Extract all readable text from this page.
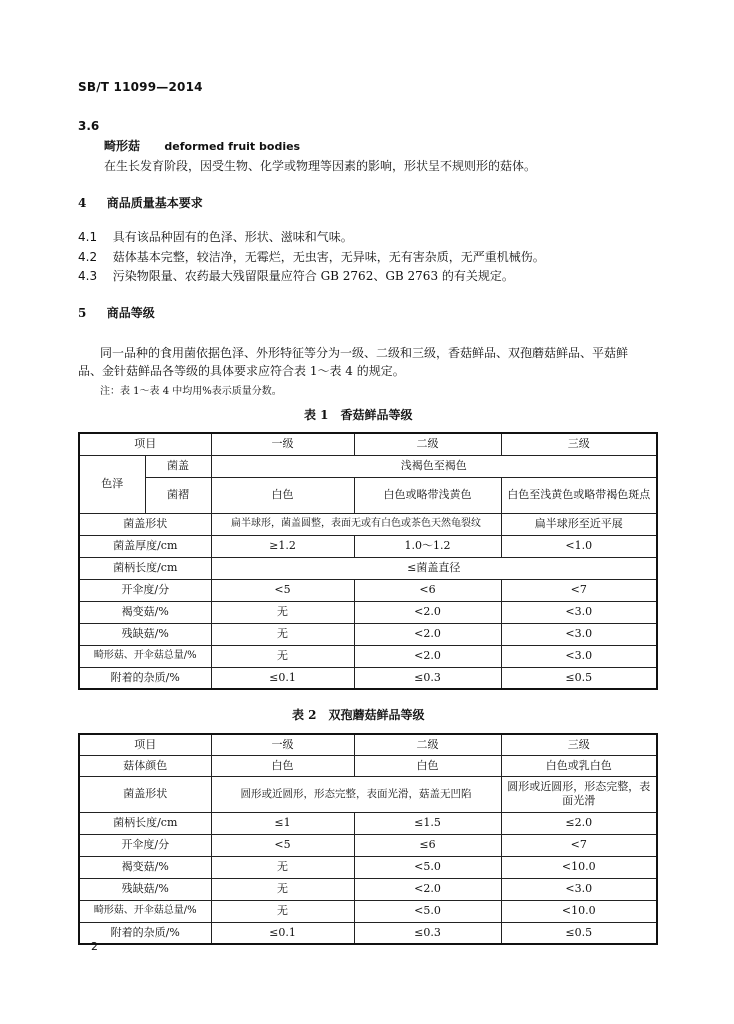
SB/T 11099—2014
3.6
畸形菇 deformed fruit bodies
在生长发育阶段，因受生物、化学或物理等因素的影响，形状呈不规则形的菇体。
4 商品质量基本要求
4.1 具有该品种固有的色泽、形状、滋味和气味。
4.2 菇体基本完整，较洁净，无霉烂，无虫害，无异味，无有害杂质，无严重机械伤。
4.3 污染物限量、农药最大残留限量应符合 GB 2762、GB 2763 的有关规定。
5 商品等级
同一品种的食用菌依据色泽、外形特征等分为一级、二级和三级，香菇鲜品、双孢蘑菇鲜品、平菇鲜
品、金针菇鲜品各等级的具体要求应符合表 1～表 4 的规定。
注：表 1～表 4 中均用%表示质量分数。
表 1　香菇鲜品等级
项目		一级	二级	三级
色泽	菌盖	浅褐色至褐色		
	菌褶	白色	白色或略带浅黄色	白色至浅黄色或略带褐色斑点
菌盖形状		扁半球形，菌盖圆整，表面无或有白色或茶色天然龟裂纹		扁半球形至近平展
菌盖厚度/cm		≥1.2	1.0～1.2	<1.0
菌柄长度/cm		≤菌盖直径		
开伞度/分		<5	<6	<7
褐变菇/%		无	<2.0	<3.0
残缺菇/%		无	<2.0	<3.0
畸形菇、开伞菇总量/%		无	<2.0	<3.0
附着的杂质/%		≤0.1	≤0.3	≤0.5
表 2　双孢蘑菇鲜品等级
项目	一级	二级	三级
菇体颜色	白色	白色	白色或乳白色
菌盖形状	圆形或近圆形，形态完整，表面光滑，菇盖无凹陷		圆形或近圆形，形态完整，表面光滑
菌柄长度/cm	≤1	≤1.5	≤2.0
开伞度/分	<5	≤6	<7
褐变菇/%	无	<5.0	<10.0
残缺菇/%	无	<2.0	<3.0
畸形菇、开伞菇总量/%	无	<5.0	<10.0
附着的杂质/%	≤0.1	≤0.3	≤0.5
2
